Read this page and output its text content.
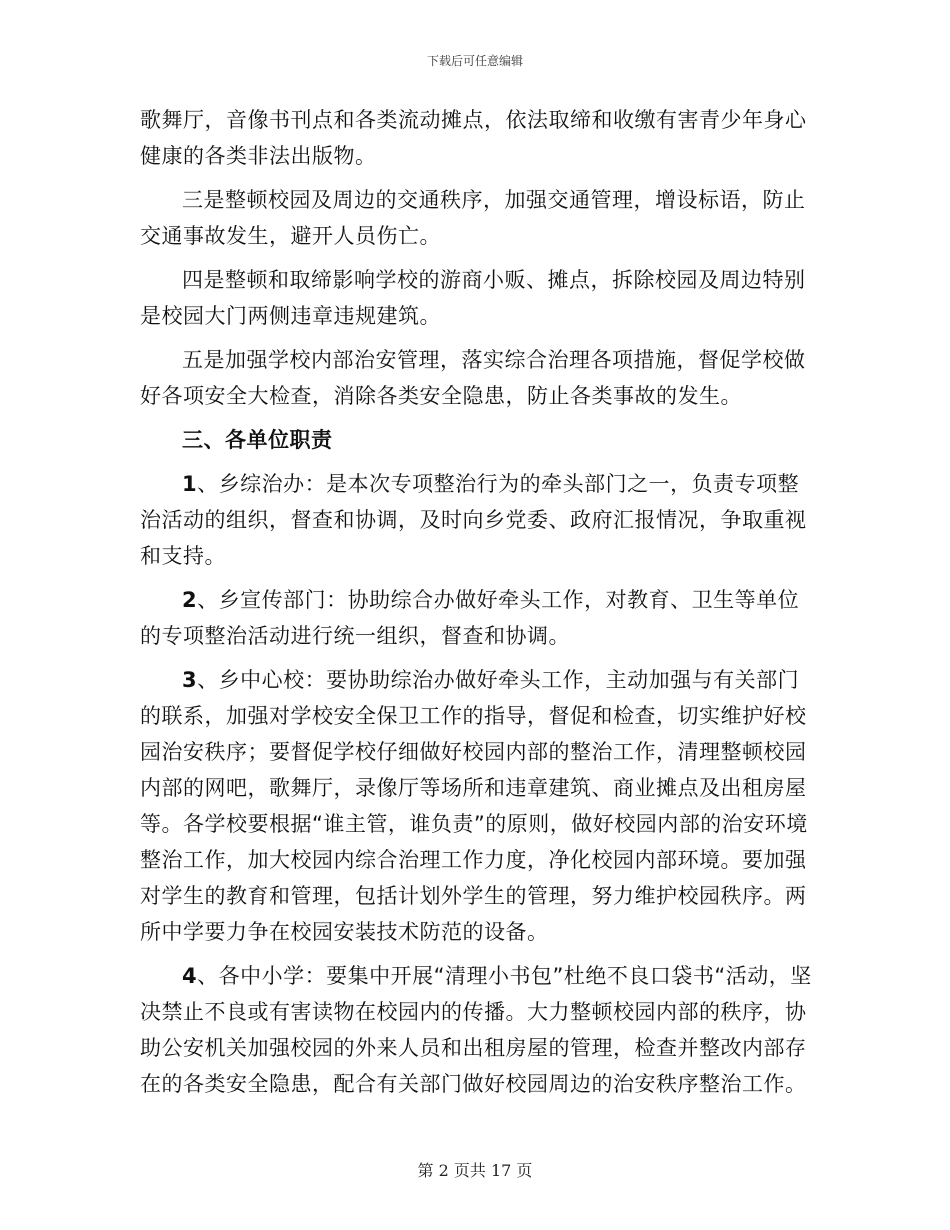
下载后可任意编辑

歌舞厅，音像书刊点和各类流动摊点，依法取缔和收缴有害青少年身心健康的各类非法出版物。

三是整顿校园及周边的交通秩序，加强交通管理，增设标语，防止交通事故发生，避开人员伤亡。

四是整顿和取缔影响学校的游商小贩、摊点，拆除校园及周边特别是校园大门两侧违章违规建筑。

五是加强学校内部治安管理，落实综合治理各项措施，督促学校做好各项安全大检查，消除各类安全隐患，防止各类事故的发生。

三、各单位职责

1、乡综治办：是本次专项整治行为的牵头部门之一，负责专项整治活动的组织，督查和协调，及时向乡党委、政府汇报情况，争取重视和支持。

2、乡宣传部门：协助综合办做好牵头工作，对教育、卫生等单位的专项整治活动进行统一组织，督查和协调。

3、乡中心校：要协助综治办做好牵头工作，主动加强与有关部门的联系，加强对学校安全保卫工作的指导，督促和检查，切实维护好校园治安秩序；要督促学校仔细做好校园内部的整治工作，清理整顿校园内部的网吧，歌舞厅，录像厅等场所和违章建筑、商业摊点及出租房屋等。各学校要根据“谁主管，谁负责”的原则，做好校园内部的治安环境整治工作，加大校园内综合治理工作力度，净化校园内部环境。要加强对学生的教育和管理，包括计划外学生的管理，努力维护校园秩序。两所中学要力争在校园安装技术防范的设备。

4、各中小学：要集中开展“清理小书包”杜绝不良口袋书“活动，坚决禁止不良或有害读物在校园内的传播。大力整顿校园内部的秩序，协助公安机关加强校园的外来人员和出租房屋的管理，检查并整改内部存在的各类安全隐患，配合有关部门做好校园周边的治安秩序整治工作。

第 2 页共 17 页
